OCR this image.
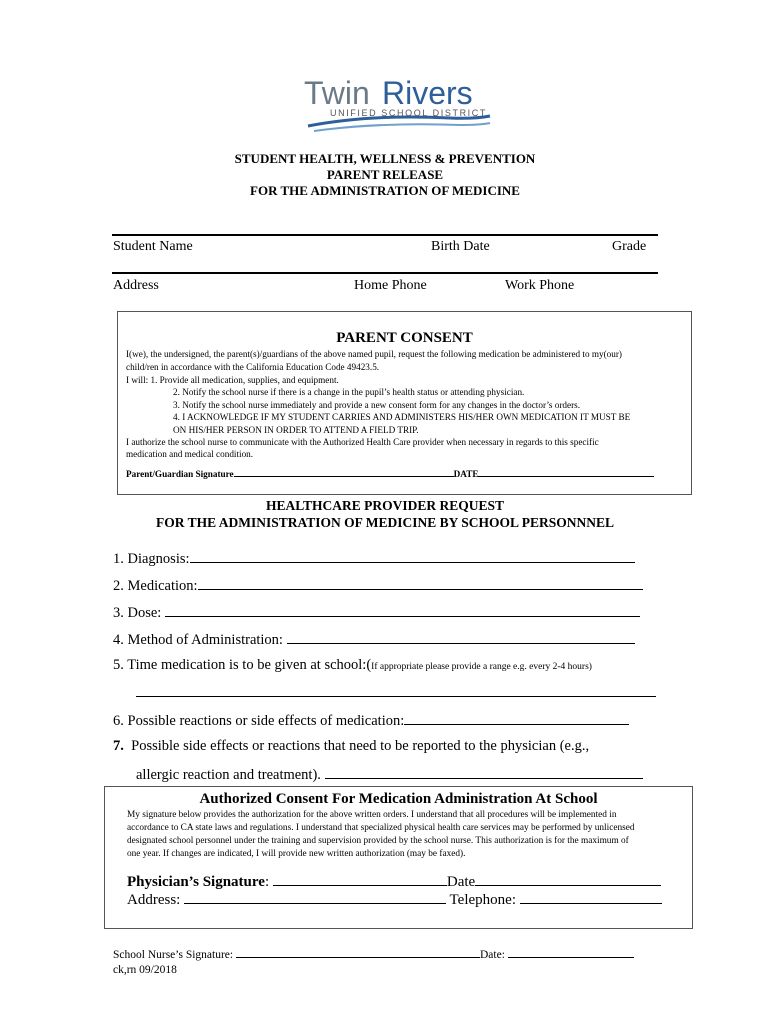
Twin Rivers
UNIFIED SCHOOL DISTRICT
STUDENT HEALTH, WELLNESS & PREVENTION
PARENT RELEASE
FOR THE ADMINISTRATION OF MEDICINE
Student Name	Birth Date	Grade
Address	Home Phone	Work Phone
PARENT CONSENT
I(we), the undersigned, the parent(s)/guardians of the above named pupil, request the following medication be administered to my(our)
child/ren in accordance with the California Education Code 49423.5.
I will: 1. Provide all medication, supplies, and equipment.
2. Notify the school nurse if there is a change in the pupil’s health status or attending physician.
3. Notify the school nurse immediately and provide a new consent form for any changes in the doctor’s orders.
4. I ACKNOWLEDGE IF MY STUDENT CARRIES AND ADMINISTERS HIS/HER OWN MEDICATION IT MUST BE
ON HIS/HER PERSON IN ORDER TO ATTEND A FIELD TRIP.
I authorize the school nurse to communicate with the Authorized Health Care provider when necessary in regards to this specific
medication and medical condition.
Parent/Guardian Signature	DATE
HEALTHCARE PROVIDER REQUEST
FOR THE ADMINISTRATION OF MEDICINE BY SCHOOL PERSONNNEL
1. Diagnosis:
2. Medication:
3. Dose:
4. Method of Administration:
5. Time medication is to be given at school:(If appropriate please provide a range e.g. every 2-4 hours)
6. Possible reactions or side effects of medication:
7. Possible side effects or reactions that need to be reported to the physician (e.g.,
allergic reaction and treatment).
Authorized Consent For Medication Administration At School
My signature below provides the authorization for the above written orders. I understand that all procedures will be implemented in
accordance to CA state laws and regulations. I understand that specialized physical health care services may be performed by unlicensed
designated school personnel under the training and supervision provided by the school nurse. This authorization is for the maximum of
one year. If changes are indicated, I will provide new written authorization (may be faxed).
Physician’s Signature:	Date
Address:	Telephone:
School Nurse’s Signature:	Date:
ck,rn 09/2018
